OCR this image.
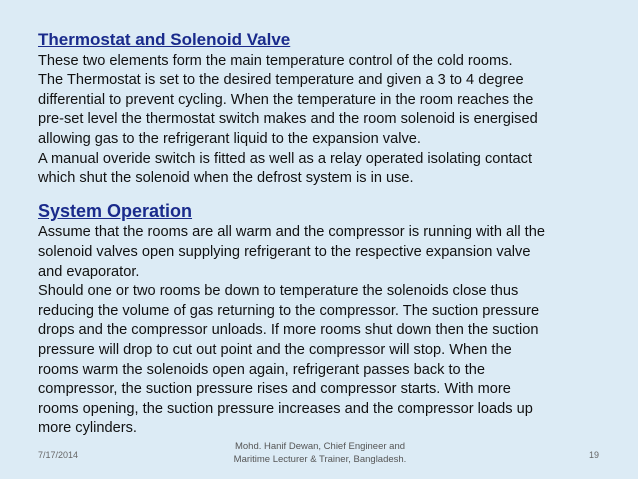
Thermostat and Solenoid Valve

These two elements form the main temperature control of the cold rooms.

The Thermostat is set to the desired temperature and given a 3 to 4 degree

differential to prevent cycling. When the temperature in the room reaches the

pre-set level the thermostat switch makes and the room solenoid is energised

allowing gas to the refrigerant liquid to the expansion valve.

A manual overide switch is fitted as well as a relay operated isolating contact

which shut the solenoid when the defrost system is in use.

System Operation

Assume that the rooms are all warm and the compressor is running with all the

solenoid valves open supplying refrigerant to the respective expansion valve

and evaporator.

Should one or two rooms be down to temperature the solenoids close thus

reducing the volume of gas returning to the compressor. The suction pressure

drops and the compressor unloads. If more rooms shut down then the suction

pressure will drop to cut out point and the compressor will stop. When the

rooms warm the solenoids open again, refrigerant passes back to the

compressor, the suction pressure rises and compressor starts. With more

rooms opening, the suction pressure increases and the compressor loads up

more cylinders.

7/17/2014
Mohd. Hanif Dewan, Chief Engineer and
Maritime Lecturer & Trainer, Bangladesh.	19
